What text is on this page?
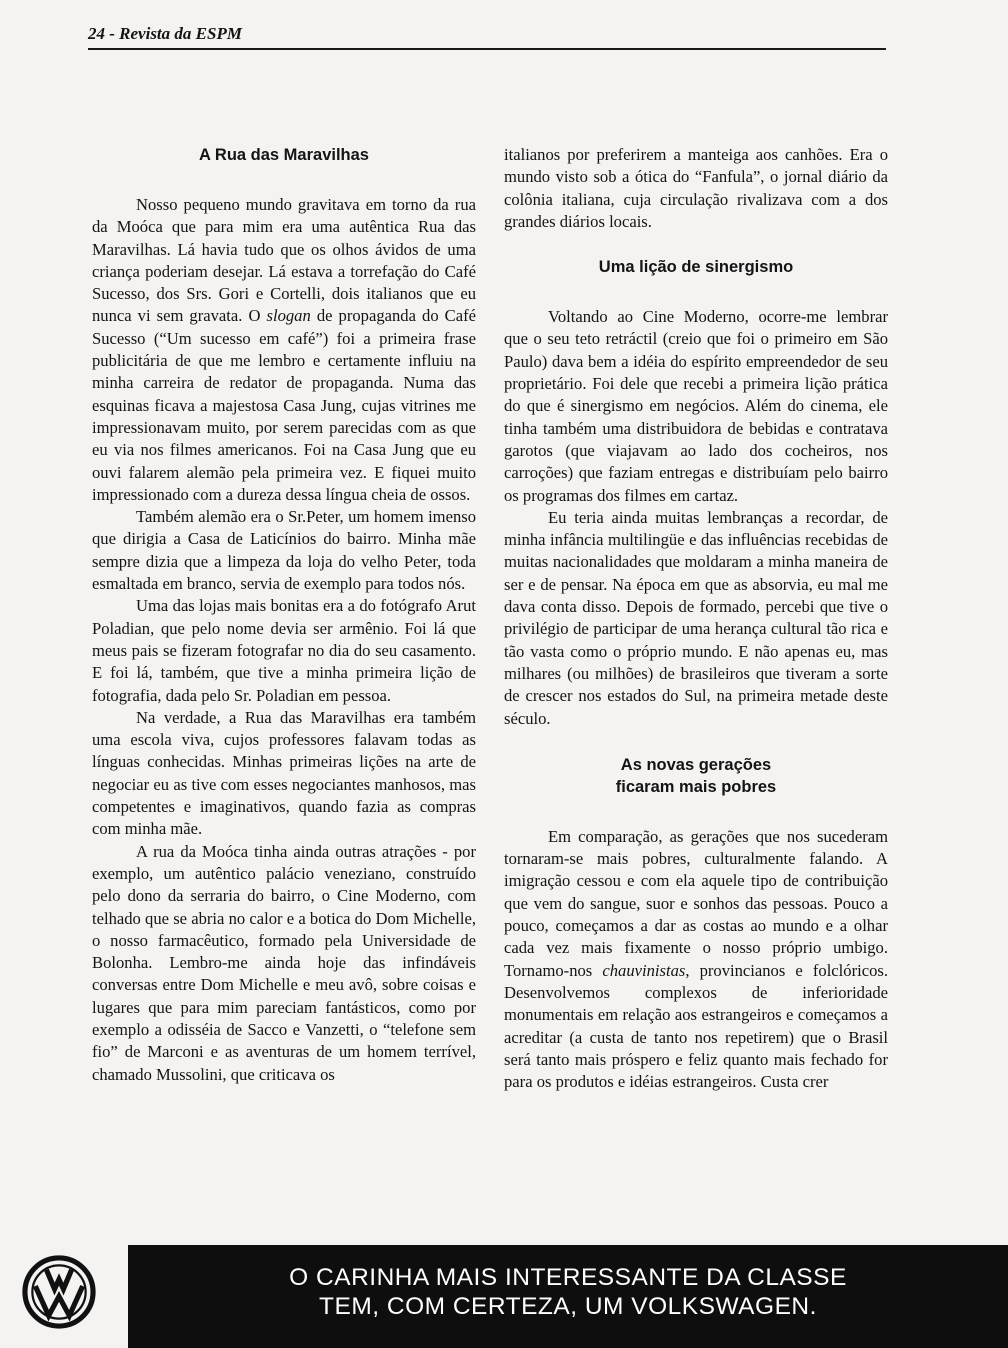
24 - Revista da ESPM
A Rua das Maravilhas

Nosso pequeno mundo gravitava em torno da rua da Moóca que para mim era uma autêntica Rua das Maravilhas. Lá havia tudo que os olhos ávidos de uma criança poderiam desejar. Lá estava a torrefação do Café Sucesso, dos Srs. Gori e Cortelli, dois italianos que eu nunca vi sem gravata. O slogan de propaganda do Café Sucesso (“Um sucesso em café”) foi a primeira frase publicitária de que me lembro e certamente influiu na minha carreira de redator de propaganda. Numa das esquinas ficava a majestosa Casa Jung, cujas vitrines me impressionavam muito, por serem parecidas com as que eu via nos filmes americanos. Foi na Casa Jung que eu ouvi falarem alemão pela primeira vez. E fiquei muito impressionado com a dureza dessa língua cheia de ossos.

Também alemão era o Sr.Peter, um homem imenso que dirigia a Casa de Laticínios do bairro. Minha mãe sempre dizia que a limpeza da loja do velho Peter, toda esmaltada em branco, servia de exemplo para todos nós.

Uma das lojas mais bonitas era a do fotógrafo Arut Poladian, que pelo nome devia ser armênio. Foi lá que meus pais se fizeram fotografar no dia do seu casamento. E foi lá, também, que tive a minha primeira lição de fotografia, dada pelo Sr. Poladian em pessoa.

Na verdade, a Rua das Maravilhas era também uma escola viva, cujos professores falavam todas as línguas conhecidas. Minhas primeiras lições na arte de negociar eu as tive com esses negociantes manhosos, mas competentes e imaginativos, quando fazia as compras com minha mãe.

A rua da Moóca tinha ainda outras atrações - por exemplo, um autêntico palácio veneziano, construído pelo dono da serraria do bairro, o Cine Moderno, com telhado que se abria no calor e a botica do Dom Michelle, o nosso farmacêutico, formado pela Universidade de Bolonha. Lembro-me ainda hoje das infindáveis conversas entre Dom Michelle e meu avô, sobre coisas e lugares que para mim pareciam fantásticos, como por exemplo a odisséia de Sacco e Vanzetti, o “telefone sem fio” de Marconi e as aventuras de um homem terrível, chamado Mussolini, que criticava os

italianos por preferirem a manteiga aos canhões. Era o mundo visto sob a ótica do “Fanfula”, o jornal diário da colônia italiana, cuja circulação rivalizava com a dos grandes diários locais.

Uma lição de sinergismo

Voltando ao Cine Moderno, ocorre-me lembrar que o seu teto retráctil (creio que foi o primeiro em São Paulo) dava bem a idéia do espírito empreendedor de seu proprietário. Foi dele que recebi a primeira lição prática do que é sinergismo em negócios. Além do cinema, ele tinha também uma distribuidora de bebidas e contratava garotos (que viajavam ao lado dos cocheiros, nos carroções) que faziam entregas e distribuíam pelo bairro os programas dos filmes em cartaz.

Eu teria ainda muitas lembranças a recordar, de minha infância multilingüe e das influências recebidas de muitas nacionalidades que moldaram a minha maneira de ser e de pensar. Na época em que as absorvia, eu mal me dava conta disso. Depois de formado, percebi que tive o privilégio de participar de uma herança cultural tão rica e tão vasta como o próprio mundo. E não apenas eu, mas milhares (ou milhões) de brasileiros que tiveram a sorte de crescer nos estados do Sul, na primeira metade deste século.

As novas gerações
ficaram mais pobres

Em comparação, as gerações que nos sucederam tornaram-se mais pobres, culturalmente falando. A imigração cessou e com ela aquele tipo de contribuição que vem do sangue, suor e sonhos das pessoas. Pouco a pouco, começamos a dar as costas ao mundo e a olhar cada vez mais fixamente o nosso próprio umbigo. Tornamo-nos chauvinistas, provincianos e folclóricos. Desenvolvemos complexos de inferioridade monumentais em relação aos estrangeiros e começamos a acreditar (a custa de tanto nos repetirem) que o Brasil será tanto mais próspero e feliz quanto mais fechado for para os produtos e idéias estrangeiros. Custa crer

O CARINHA MAIS INTERESSANTE DA CLASSE
TEM, COM CERTEZA, UM VOLKSWAGEN.
